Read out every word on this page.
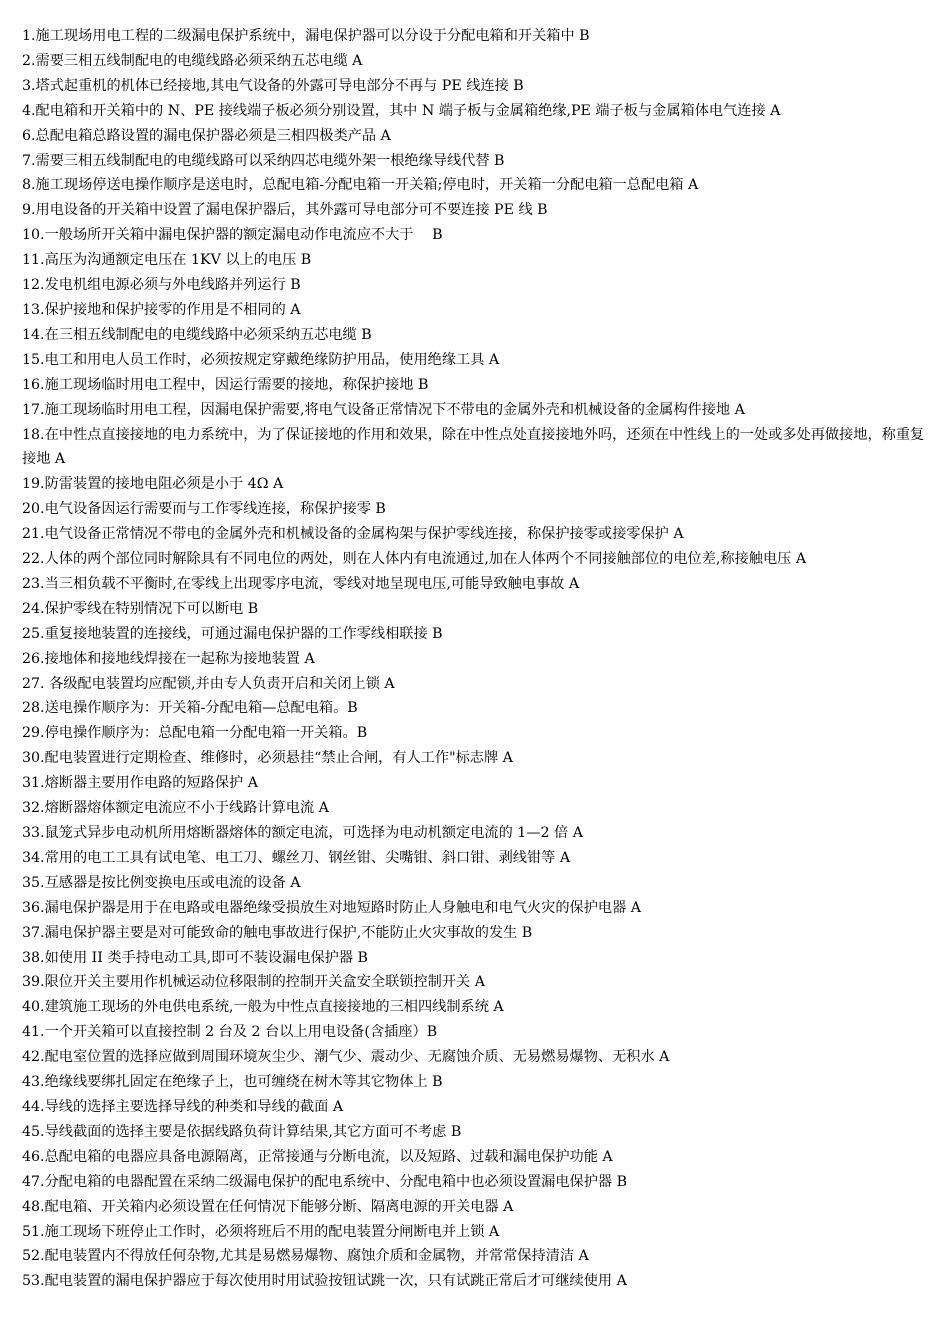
1.施工现场用电工程的二级漏电保护系统中，漏电保护器可以分设于分配电箱和开关箱中 B

2.需要三相五线制配电的电缆线路必须采纳五芯电缆 A

3.塔式起重机的机体已经接地,其电气设备的外露可导电部分不再与 PE 线连接 B

4.配电箱和开关箱中的 N、PE 接线端子板必须分别设置，其中 N 端子板与金属箱绝缘,PE 端子板与金属箱体电气连接 A

6.总配电箱总路设置的漏电保护器必须是三相四极类产品 A

7.需要三相五线制配电的电缆线路可以采纳四芯电缆外架一根绝缘导线代替 B

8.施工现场停送电操作顺序是送电时，总配电箱-分配电箱一开关箱;停电时，开关箱一分配电箱一总配电箱 A

9.用电设备的开关箱中设置了漏电保护器后，其外露可导电部分可不要连接 PE 线 B

10.一般场所开关箱中漏电保护器的额定漏电动作电流应不大于　 B

11.高压为沟通额定电压在 1KV 以上的电压 B

12.发电机组电源必须与外电线路并列运行 B

13.保护接地和保护接零的作用是不相同的 A

14.在三相五线制配电的电缆线路中必须采纳五芯电缆 B

15.电工和用电人员工作时，必须按规定穿戴绝缘防护用品，使用绝缘工具 A

16.施工现场临时用电工程中，因运行需要的接地，称保护接地 B

17.施工现场临时用电工程，因漏电保护需要,将电气设备正常情况下不带电的金属外壳和机械设备的金属构件接地 A

18.在中性点直接接地的电力系统中，为了保证接地的作用和效果，除在中性点处直接接地外吗，还须在中性线上的一处或多处再做接地，称重复接地 A

19.防雷装置的接地电阻必须是小于 4Ω A

20.电气设备因运行需要而与工作零线连接，称保护接零 B

21.电气设备正常情况不带电的金属外壳和机械设备的金属构架与保护零线连接，称保护接零或接零保护 A

22.人体的两个部位同时解除具有不同电位的两处，则在人体内有电流通过,加在人体两个不同接触部位的电位差,称接触电压 A

23.当三相负载不平衡时,在零线上出现零序电流，零线对地呈现电压,可能导致触电事故 A

24.保护零线在特别情况下可以断电 B

25.重复接地装置的连接线，可通过漏电保护器的工作零线相联接 B

26.接地体和接地线焊接在一起称为接地装置 A

27. 各级配电装置均应配锁,并由专人负责开启和关闭上锁 A

28.送电操作顺序为：开关箱-分配电箱—总配电箱。B

29.停电操作顺序为：总配电箱一分配电箱一开关箱。B

30.配电装置进行定期检查、维修时，必须悬挂“禁止合闸，有人工作"标志牌 A

31.熔断器主要用作电路的短路保护 A

32.熔断器熔体额定电流应不小于线路计算电流 A

33.鼠笼式异步电动机所用熔断器熔体的额定电流，可选择为电动机额定电流的 1—2 倍 A

34.常用的电工工具有试电笔、电工刀、螺丝刀、钢丝钳、尖嘴钳、斜口钳、剥线钳等 A

35.互感器是按比例变换电压或电流的设备 A

36.漏电保护器是用于在电路或电器绝缘受损放生对地短路时防止人身触电和电气火灾的保护电器 A

37.漏电保护器主要是对可能致命的触电事故进行保护,不能防止火灾事故的发生 B

38.如使用 II 类手持电动工具,即可不装设漏电保护器 B

39.限位开关主要用作机械运动位移限制的控制开关盒安全联锁控制开关 A

40.建筑施工现场的外电供电系统,一般为中性点直接接地的三相四线制系统 A

41.一个开关箱可以直接控制 2 台及 2 台以上用电设备(含插座）B

42.配电室位置的选择应做到周围环境灰尘少、潮气少、震动少、无腐蚀介质、无易燃易爆物、无积水 A

43.绝缘线要绑扎固定在绝缘子上，也可缠绕在树木等其它物体上 B

44.导线的选择主要选择导线的种类和导线的截面 A

45.导线截面的选择主要是依据线路负荷计算结果,其它方面可不考虑 B

46.总配电箱的电器应具备电源隔离，正常接通与分断电流，以及短路、过载和漏电保护功能 A

47.分配电箱的电器配置在采纳二级漏电保护的配电系统中、分配电箱中也必须设置漏电保护器 B

48.配电箱、开关箱内必须设置在任何情况下能够分断、隔离电源的开关电器 A

51.施工现场下班停止工作时，必须将班后不用的配电装置分闸断电并上锁 A

52.配电装置内不得放任何杂物,尤其是易燃易爆物、腐蚀介质和金属物，并常常保持清洁 A

53.配电装置的漏电保护器应于每次使用时用试验按钮试跳一次，只有试跳正常后才可继续使用 A
